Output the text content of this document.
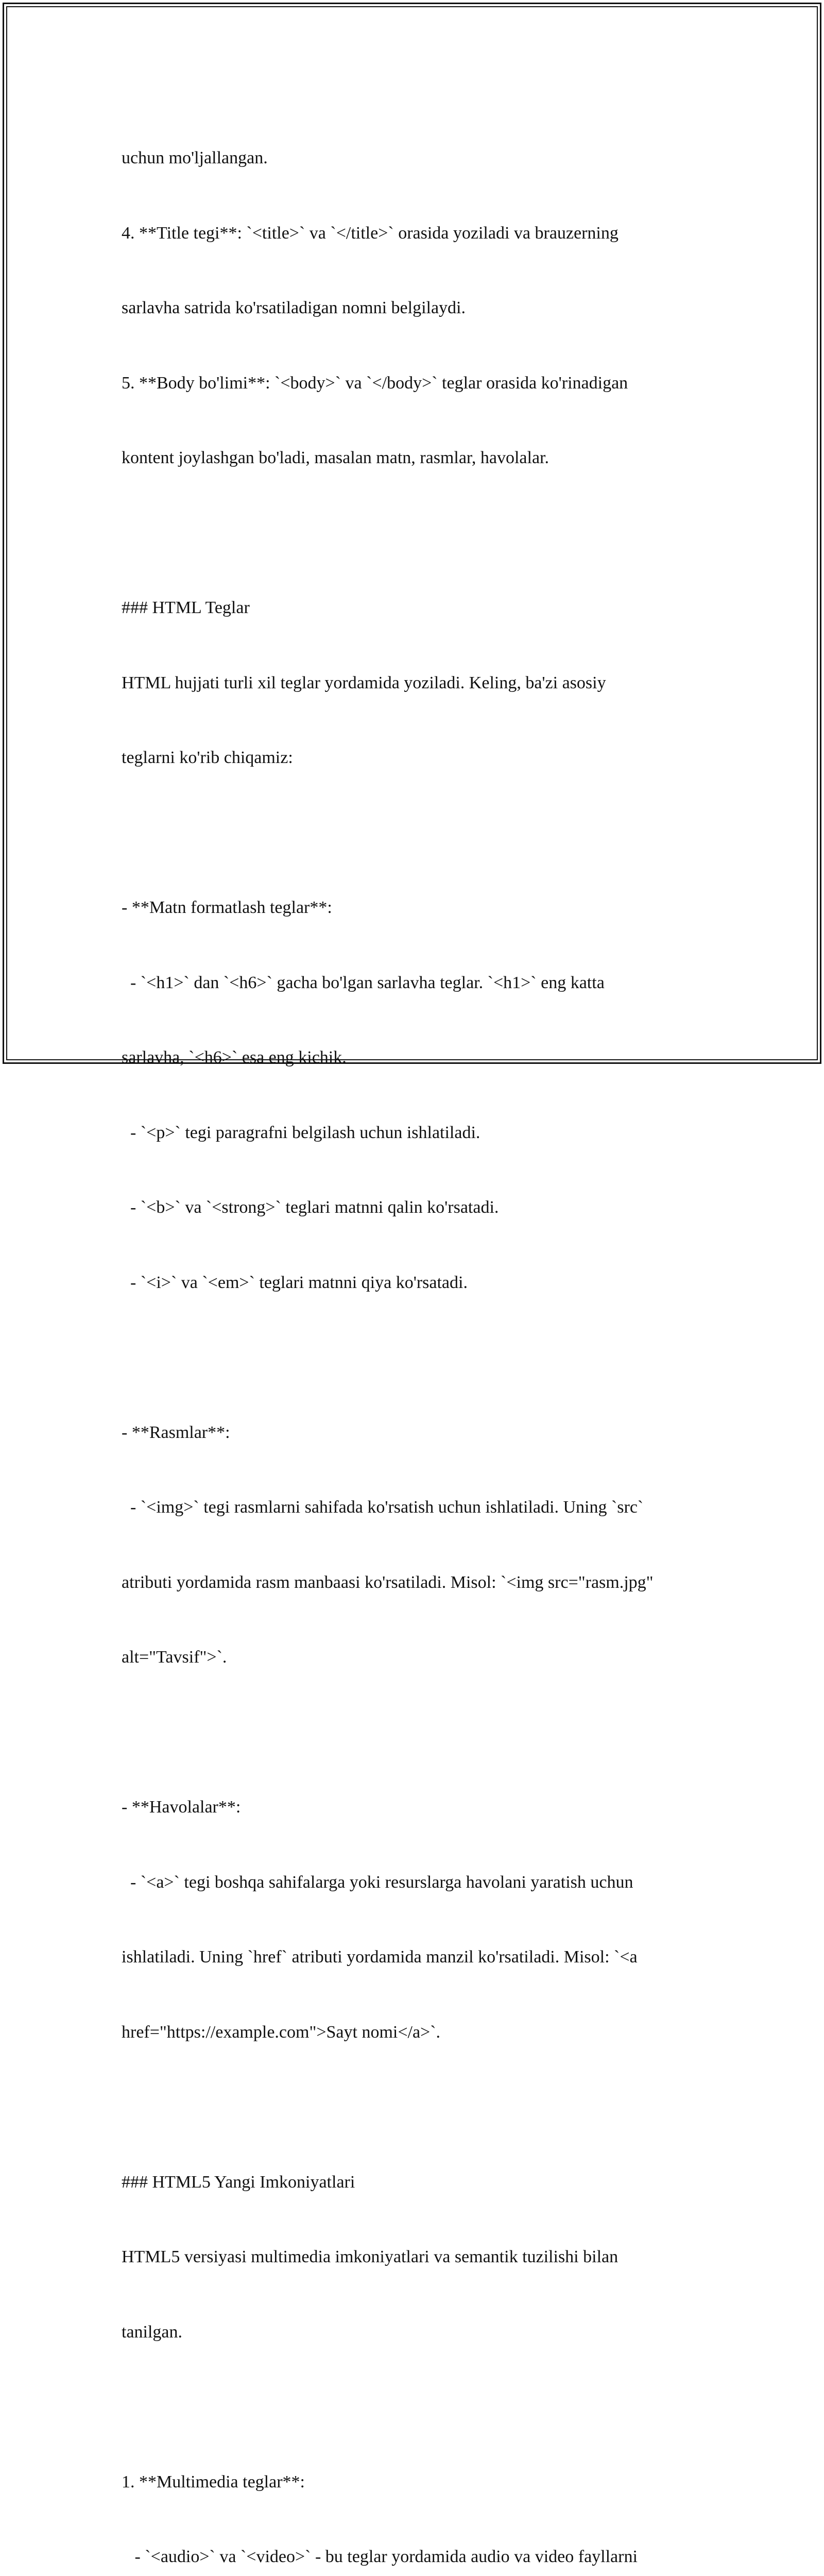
uchun mo'ljallangan.

4. **Title tegi**: `<title>` va `</title>` orasida yoziladi va brauzerning

sarlavha satrida ko'rsatiladigan nomni belgilaydi.

5. **Body bo'limi**: `<body>` va `</body>` teglar orasida ko'rinadigan

kontent joylashgan bo'ladi, masalan matn, rasmlar, havolalar.

### HTML Teglar

HTML hujjati turli xil teglar yordamida yoziladi. Keling, ba'zi asosiy

teglarni ko'rib chiqamiz:

- **Matn formatlash teglar**:

- `<h1>` dan `<h6>` gacha bo'lgan sarlavha teglar. `<h1>` eng katta

sarlavha, `<h6>` esa eng kichik.

- `<p>` tegi paragrafni belgilash uchun ishlatiladi.

- `<b>` va `<strong>` teglari matnni qalin ko'rsatadi.

- `<i>` va `<em>` teglari matnni qiya ko'rsatadi.

- **Rasmlar**:

- `<img>` tegi rasmlarni sahifada ko'rsatish uchun ishlatiladi. Uning `src`

atributi yordamida rasm manbaasi ko'rsatiladi. Misol: `<img src="rasm.jpg"

alt="Tavsif">`.

- **Havolalar**:

- `<a>` tegi boshqa sahifalarga yoki resurslarga havolani yaratish uchun

ishlatiladi. Uning `href` atributi yordamida manzil ko'rsatiladi. Misol: `<a

href="https://example.com">Sayt nomi</a>`.

### HTML5 Yangi Imkoniyatlari

HTML5 versiyasi multimedia imkoniyatlari va semantik tuzilishi bilan

tanilgan.

1. **Multimedia teglar**:

- `<audio>` va `<video>` - bu teglar yordamida audio va video fayllarni
